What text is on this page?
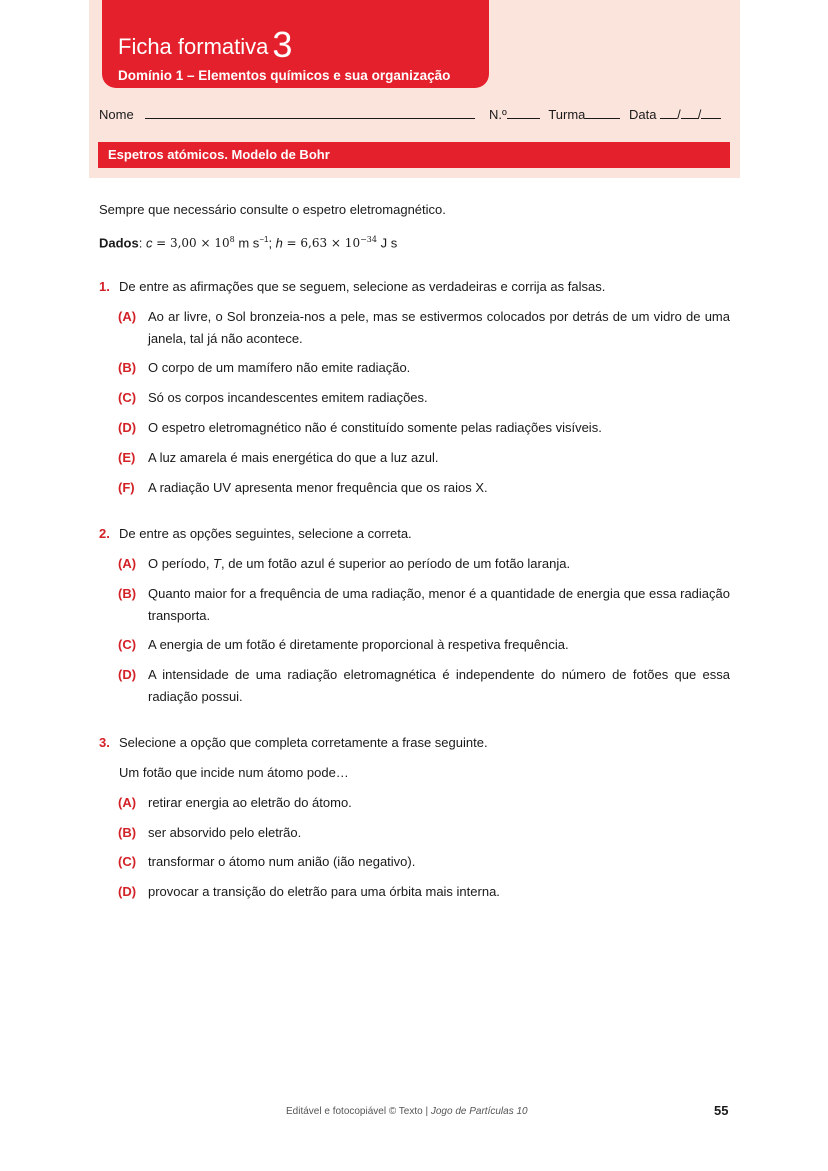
Ficha formativa 3
Domínio 1 – Elementos químicos e sua organização
Nome	N.º	Turma	Data / /
Espetros atómicos. Modelo de Bohr
Sempre que necessário consulte o espetro eletromagnético.
Dados: $c = 3,00 \times 10^8$ m $s^{-1}$; $h = 6,63 \times 10^{-34}$ J s
1. De entre as afirmações que se seguem, selecione as verdadeiras e corrija as falsas.
(A) Ao ar livre, o Sol bronzeia-nos a pele, mas se estivermos colocados por detrás de um vidro de uma janela, tal já não acontece.
(B) O corpo de um mamífero não emite radiação.
(C) Só os corpos incandescentes emitem radiações.
(D) O espetro eletromagnético não é constituído somente pelas radiações visíveis.
(E) A luz amarela é mais energética do que a luz azul.
(F) A radiação UV apresenta menor frequência que os raios X.
2. De entre as opções seguintes, selecione a correta.
(A) O período, T, de um fotão azul é superior ao período de um fotão laranja.
(B) Quanto maior for a frequência de uma radiação, menor é a quantidade de energia que essa radiação transporta.
(C) A energia de um fotão é diretamente proporcional à respetiva frequência.
(D) A intensidade de uma radiação eletromagnética é independente do número de fotões que essa radiação possui.
3. Selecione a opção que completa corretamente a frase seguinte.
Um fotão que incide num átomo pode…
(A) retirar energia ao eletrão do átomo.
(B) ser absorvido pelo eletrão.
(C) transformar o átomo num anião (ião negativo).
(D) provocar a transição do eletrão para uma órbita mais interna.
Editável e fotocopiável © Texto | Jogo de Partículas 10	55
